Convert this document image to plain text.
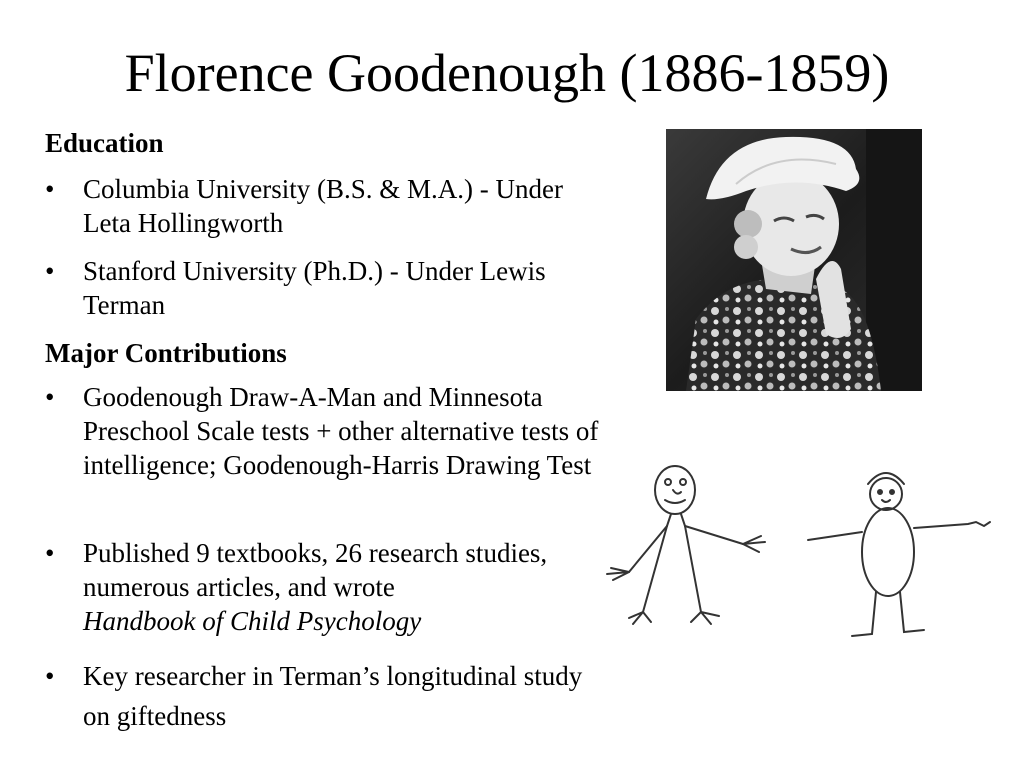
Florence Goodenough (1886-1859)
Education
• Columbia University (B.S. & M.A.) - Under Leta Hollingworth
• Stanford University (Ph.D.) - Under Lewis Terman
Major Contributions
• Goodenough Draw-A-Man and Minnesota Preschool Scale tests + other alternative tests of intelligence; Goodenough-Harris Drawing Test
• Published 9 textbooks, 26 research studies, numerous articles, and wrote
Handbook of Child Psychology
• Key researcher in Terman’s longitudinal study on giftedness
